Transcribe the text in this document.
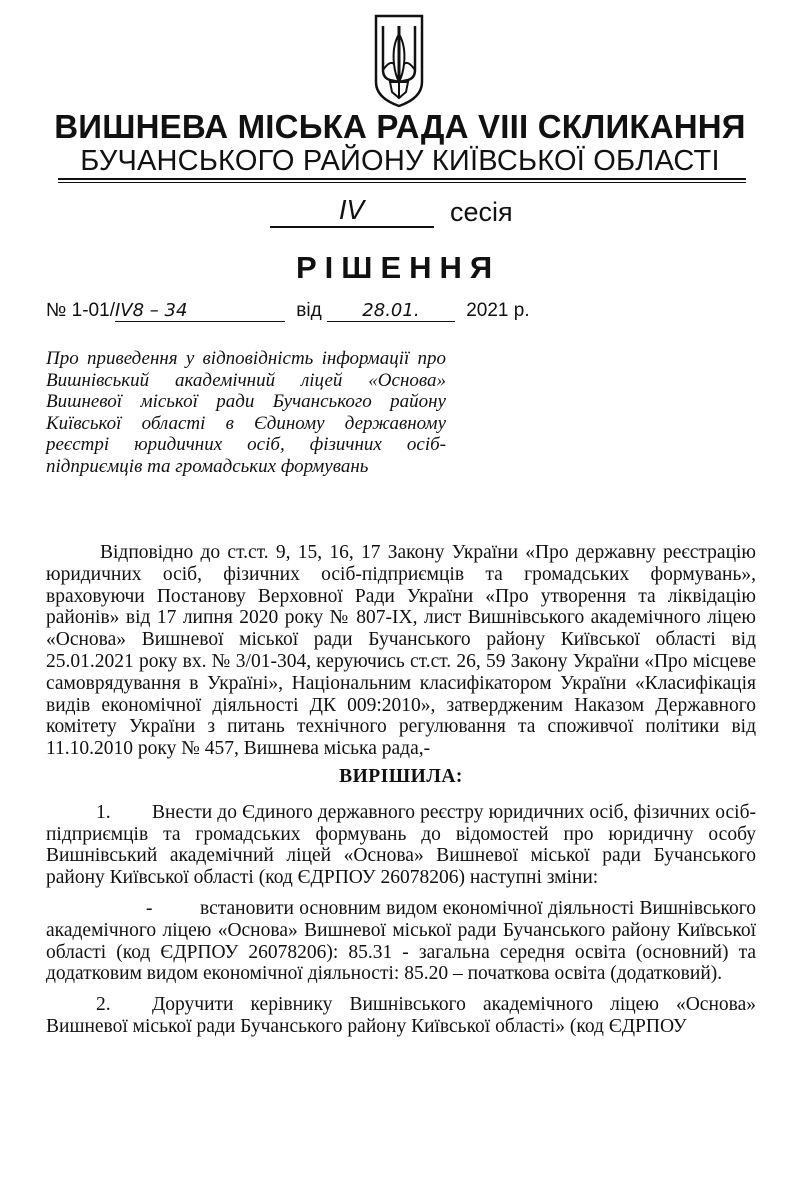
ВИШНЕВА МІСЬКА РАДА VIII СКЛИКАННЯ
БУЧАНСЬКОГО РАЙОНУ КИЇВСЬКОЇ ОБЛАСТІ
IV	сесія
РІШЕННЯ
№ 1-01/IV8 – 34	від 28.01. 2021 р.
Про приведення у відповідність інформації про Вишнівський академічний ліцей «Основа» Вишневої міської ради Бучанського району Київської області в Єдиному державному реєстрі юридичних осіб, фізичних осіб-підприємців та громадських формувань

Відповідно до ст.ст. 9, 15, 16, 17 Закону України «Про державну реєстрацію юридичних осіб, фізичних осіб-підприємців та громадських формувань», враховуючи Постанову Верховної Ради України «Про утворення та ліквідацію районів» від 17 липня 2020 року № 807-IX, лист Вишнівського академічного ліцею «Основа» Вишневої міської ради Бучанського району Київської області від 25.01.2021 року вх. № 3/01-304, керуючись ст.ст. 26, 59 Закону України «Про місцеве самоврядування в Україні», Національним класифікатором України «Класифікація видів економічної діяльності ДК 009:2010», затвердженим Наказом Державного комітету України з питань технічного регулювання та споживчої політики від 11.10.2010 року № 457, Вишнева міська рада,-

ВИРІШИЛА:

1. Внести до Єдиного державного реєстру юридичних осіб, фізичних осіб-підприємців та громадських формувань до відомостей про юридичну особу Вишнівський академічний ліцей «Основа» Вишневої міської ради Бучанського району Київської області (код ЄДРПОУ 26078206) наступні зміни:

- встановити основним видом економічної діяльності Вишнівського академічного ліцею «Основа» Вишневої міської ради Бучанського району Київської області (код ЄДРПОУ 26078206): 85.31 - загальна середня освіта (основний) та додатковим видом економічної діяльності: 85.20 – початкова освіта (додатковий).

2. Доручити керівнику Вишнівського академічного ліцею «Основа» Вишневої міської ради Бучанського району Київської області» (код ЄДРПОУ
